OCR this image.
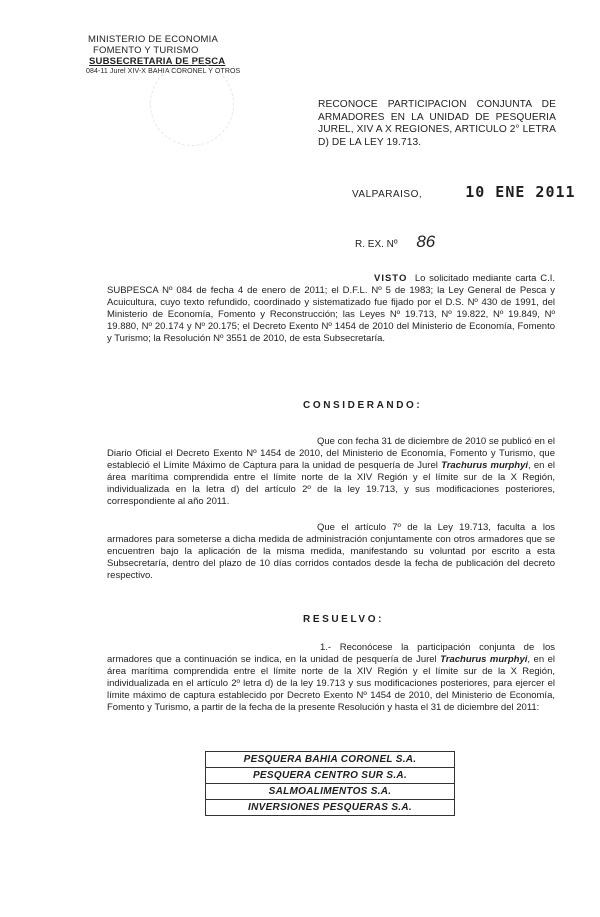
MINISTERIO DE ECONOMIA
FOMENTO Y TURISMO
SUBSECRETARIA DE PESCA
084-11 Jurel XIV-X BAHIA CORONEL Y OTROS
RECONOCE PARTICIPACION CONJUNTA DE ARMADORES EN LA UNIDAD DE PESQUERIA JUREL, XIV A X REGIONES, ARTICULO 2° LETRA D) DE LA LEY 19.713.
VALPARAISO,	10 ENE 2011
R. EX. Nº 86
VISTO Lo solicitado mediante carta C.I. SUBPESCA Nº 084 de fecha 4 de enero de 2011; el D.F.L. Nº 5 de 1983; la Ley General de Pesca y Acuicultura, cuyo texto refundido, coordinado y sistematizado fue fijado por el D.S. Nº 430 de 1991, del Ministerio de Economía, Fomento y Reconstrucción; las Leyes Nº 19.713, Nº 19.822, Nº 19.849, Nº 19.880, Nº 20.174 y Nº 20.175; el Decreto Exento Nº 1454 de 2010 del Ministerio de Economía, Fomento y Turismo; la Resolución Nº 3551 de 2010, de esta Subsecretaría.
CONSIDERANDO:
Que con fecha 31 de diciembre de 2010 se publicó en el Diario Oficial el Decreto Exento Nº 1454 de 2010, del Ministerio de Economía, Fomento y Turismo, que estableció el Límite Máximo de Captura para la unidad de pesquería de Jurel Trachurus murphyi, en el área marítima comprendida entre el límite norte de la XIV Región y el límite sur de la X Región, individualizada en la letra d) del artículo 2º de la ley 19.713, y sus modificaciones posteriores, correspondiente al año 2011.
Que el artículo 7º de la Ley 19.713, faculta a los armadores para someterse a dicha medida de administración conjuntamente con otros armadores que se encuentren bajo la aplicación de la misma medida, manifestando su voluntad por escrito a esta Subsecretaría, dentro del plazo de 10 días corridos contados desde la fecha de publicación del decreto respectivo.
RESUELVO:
1.- Reconócese la participación conjunta de los armadores que a continuación se indica, en la unidad de pesquería de Jurel Trachurus murphyi, en el área marítima comprendida entre el límite norte de la XIV Región y el límite sur de la X Región, individualizada en el artículo 2º letra d) de la ley 19.713 y sus modificaciones posteriores, para ejercer el límite máximo de captura establecido por Decreto Exento Nº 1454 de 2010, del Ministerio de Economía, Fomento y Turismo, a partir de la fecha de la presente Resolución y hasta el 31 de diciembre del 2011:
PESQUERA BAHIA CORONEL S.A.
PESQUERA CENTRO SUR S.A.
SALMOALIMENTOS S.A.
INVERSIONES PESQUERAS S.A.
